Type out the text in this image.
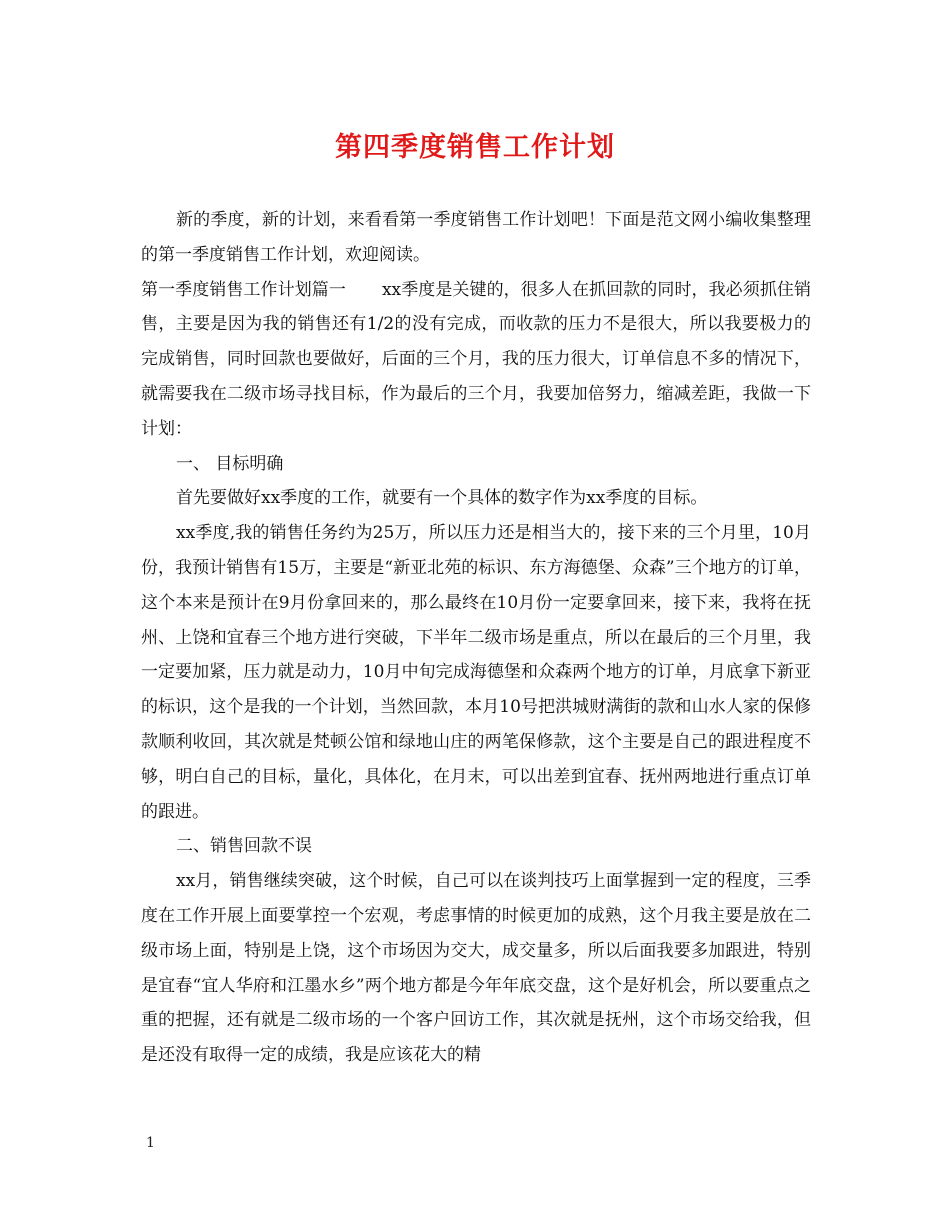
第四季度销售工作计划

新的季度，新的计划，来看看第一季度销售工作计划吧！下面是范文网小编收集整理的第一季度销售工作计划，欢迎阅读。

第一季度销售工作计划篇一 xx季度是关键的，很多人在抓回款的同时，我必须抓住销售，主要是因为我的销售还有1/2的没有完成，而收款的压力不是很大，所以我要极力的完成销售，同时回款也要做好，后面的三个月，我的压力很大，订单信息不多的情况下，就需要我在二级市场寻找目标，作为最后的三个月，我要加倍努力，缩减差距，我做一下计划：

一、 目标明确

首先要做好xx季度的工作，就要有一个具体的数字作为xx季度的目标。

xx季度,我的销售任务约为25万，所以压力还是相当大的，接下来的三个月里，10月份，我预计销售有15万，主要是“新亚北苑的标识、东方海德堡、众森”三个地方的订单，这个本来是预计在9月份拿回来的，那么最终在10月份一定要拿回来，接下来，我将在抚州、上饶和宜春三个地方进行突破，下半年二级市场是重点，所以在最后的三个月里，我一定要加紧，压力就是动力，10月中旬完成海德堡和众森两个地方的订单，月底拿下新亚的标识，这个是我的一个计划，当然回款，本月10号把洪城财满街的款和山水人家的保修款顺利收回，其次就是梵顿公馆和绿地山庄的两笔保修款，这个主要是自己的跟进程度不够，明白自己的目标，量化，具体化，在月末，可以出差到宜春、抚州两地进行重点订单的跟进。

二、销售回款不误

xx月，销售继续突破，这个时候，自己可以在谈判技巧上面掌握到一定的程度，三季度在工作开展上面要掌控一个宏观，考虑事情的时候更加的成熟，这个月我主要是放在二级市场上面，特别是上饶，这个市场因为交大，成交量多，所以后面我要多加跟进，特别是宜春“宜人华府和江墨水乡”两个地方都是今年年底交盘，这个是好机会，所以要重点之重的把握，还有就是二级市场的一个客户回访工作，其次就是抚州，这个市场交给我，但是还没有取得一定的成绩，我是应该花大的精

1
